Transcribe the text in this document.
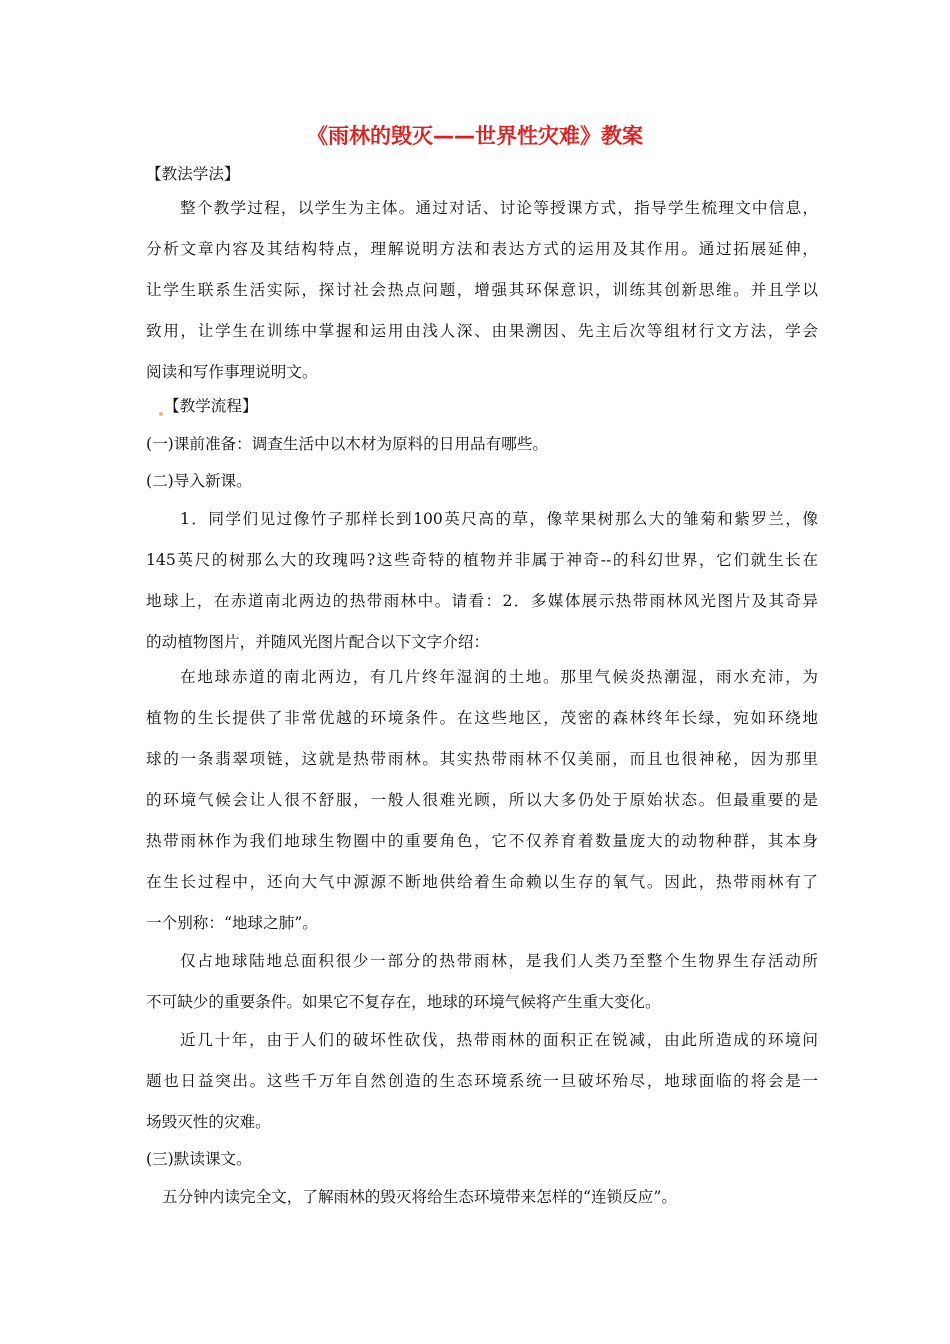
《雨林的毁灭——世界性灾难》教案
【教法学法】
整个教学过程，以学生为主体。通过对话、讨论等授课方式，指导学生梳理文中信息，
分析文章内容及其结构特点，理解说明方法和表达方式的运用及其作用。通过拓展延伸，
让学生联系生活实际，探讨社会热点问题，增强其环保意识，训练其创新思维。并且学以
致用，让学生在训练中掌握和运用由浅人深、由果溯因、先主后次等组材行文方法，学会
阅读和写作事理说明文。
【教学流程】
(一)课前准备：调查生活中以木材为原料的日用品有哪些。
(二)导入新课。
1．同学们见过像竹子那样长到100英尺高的草，像苹果树那么大的雏菊和紫罗兰，像
145英尺的树那么大的玫瑰吗?这些奇特的植物并非属于神奇--的科幻世界，它们就生长在
地球上，在赤道南北两边的热带雨林中。请看：2．多媒体展示热带雨林风光图片及其奇异
的动植物图片，并随风光图片配合以下文字介绍：
在地球赤道的南北两边，有几片终年湿润的土地。那里气候炎热潮湿，雨水充沛，为
植物的生长提供了非常优越的环境条件。在这些地区，茂密的森林终年长绿，宛如环绕地
球的一条翡翠项链，这就是热带雨林。其实热带雨林不仅美丽，而且也很神秘，因为那里
的环境气候会让人很不舒服，一般人很难光顾，所以大多仍处于原始状态。但最重要的是
热带雨林作为我们地球生物圈中的重要角色，它不仅养育着数量庞大的动物种群，其本身
在生长过程中，还向大气中源源不断地供给着生命赖以生存的氧气。因此，热带雨林有了
一个别称：“地球之肺”。
仅占地球陆地总面积很少一部分的热带雨林，是我们人类乃至整个生物界生存活动所
不可缺少的重要条件。如果它不复存在，地球的环境气候将产生重大变化。
近几十年，由于人们的破坏性砍伐，热带雨林的面积正在锐减，由此所造成的环境问
题也日益突出。这些千万年自然创造的生态环境系统一旦破坏殆尽，地球面临的将会是一
场毁灭性的灾难。
(三)默读课文。
五分钟内读完全文，了解雨林的毁灭将给生态环境带来怎样的“连锁反应”。
